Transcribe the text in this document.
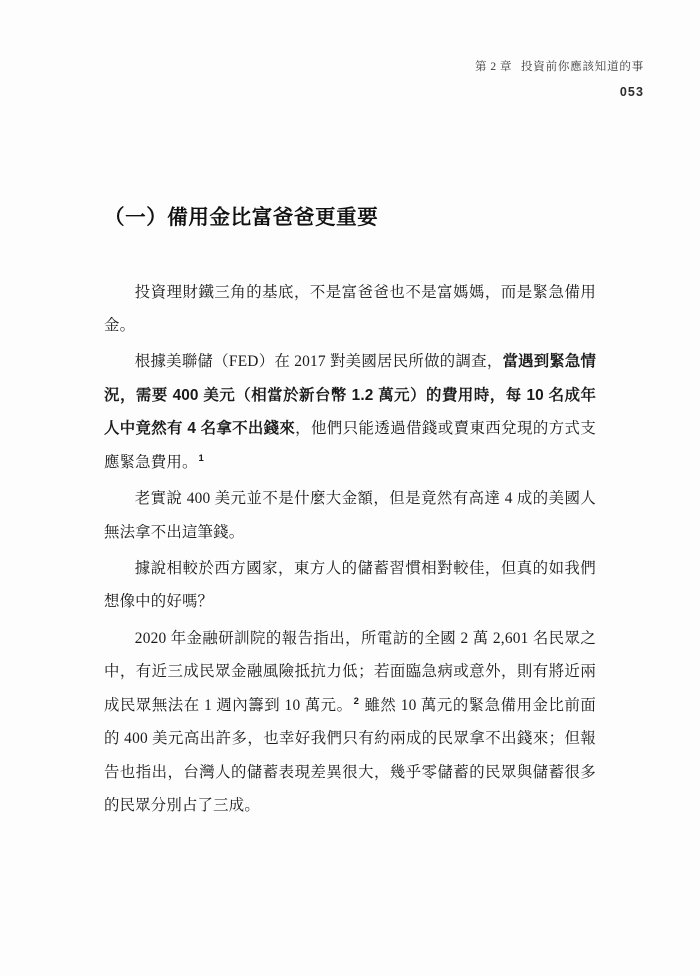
第 2 章 投資前你應該知道的事
053
（一）備用金比富爸爸更重要

投資理財鐵三角的基底，不是富爸爸也不是富媽媽，而是緊急備用金。

根據美聯儲（FED）在 2017 對美國居民所做的調查，當遇到緊急情況，需要 400 美元（相當於新台幣 1.2 萬元）的費用時，每 10 名成年人中竟然有 4 名拿不出錢來，他們只能透過借錢或賣東西兌現的方式支應緊急費用。$^1$

老實說 400 美元並不是什麼大金額，但是竟然有高達 4 成的美國人無法拿不出這筆錢。

據說相較於西方國家，東方人的儲蓄習慣相對較佳，但真的如我們想像中的好嗎？

2020 年金融研訓院的報告指出，所電訪的全國 2 萬 2,601 名民眾之中，有近三成民眾金融風險抵抗力低；若面臨急病或意外，則有將近兩成民眾無法在 1 週內籌到 10 萬元。$^2$ 雖然 10 萬元的緊急備用金比前面的 400 美元高出許多，也幸好我們只有約兩成的民眾拿不出錢來；但報告也指出，台灣人的儲蓄表現差異很大，幾乎零儲蓄的民眾與儲蓄很多的民眾分別占了三成。
